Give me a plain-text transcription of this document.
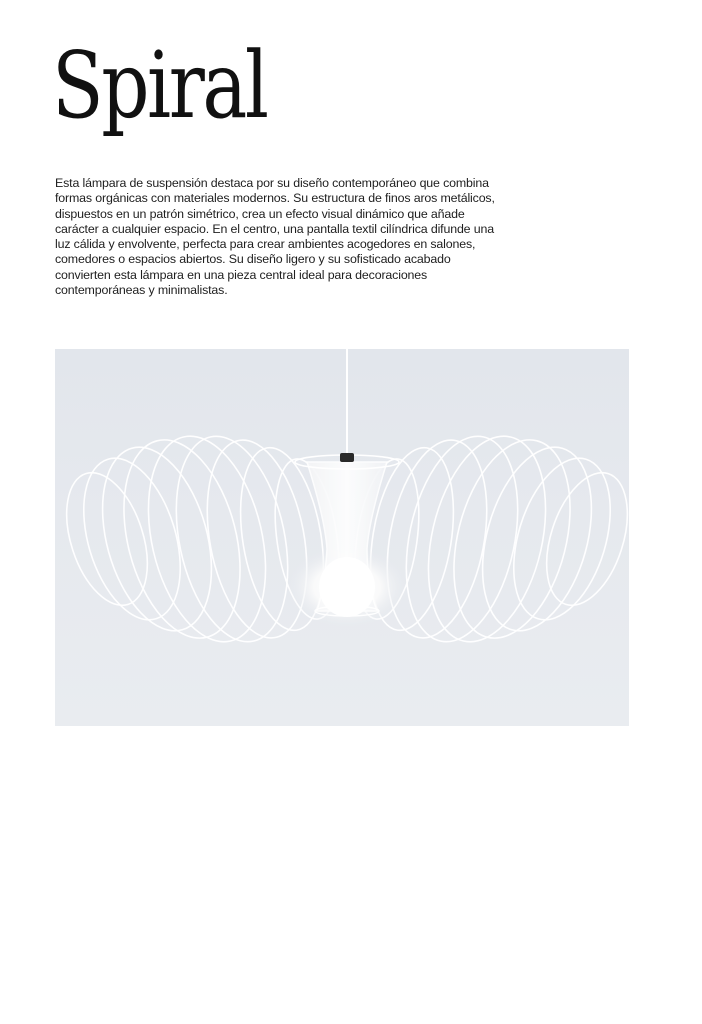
Spiral

Esta lámpara de suspensión destaca por su diseño contemporáneo que combina formas orgánicas con materiales modernos. Su estructura de finos aros metálicos, dispuestos en un patrón simétrico, crea un efecto visual dinámico que añade carácter a cualquier espacio. En el centro, una pantalla textil cilíndrica difunde una luz cálida y envolvente, perfecta para crear ambientes acogedores en salones, comedores o espacios abiertos. Su diseño ligero y su sofisticado acabado convierten esta lámpara en una pieza central ideal para decoraciones contemporáneas y minimalistas.
